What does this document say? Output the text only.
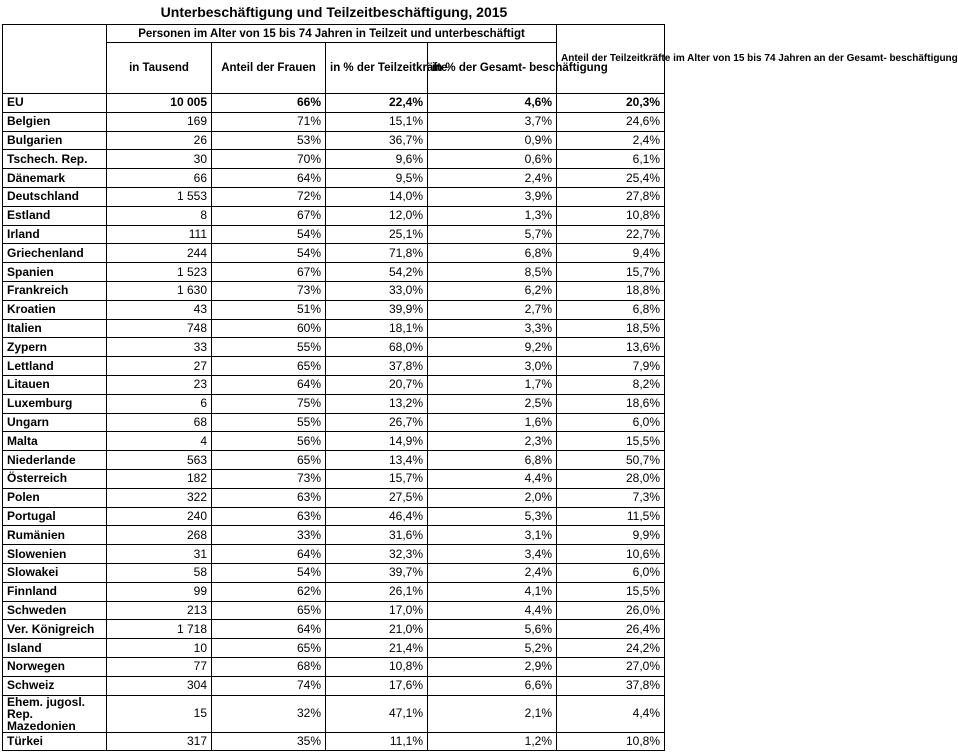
Unterbeschäftigung und Teilzeitbeschäftigung, 2015
	Personen im Alter von 15 bis 74 Jahren in Teilzeit und unterbeschäftigt				Anteil der Teilzeitkräfte im Alter von 15 bis 74 Jahren an der Gesamt- beschäftigung
	in Tausend	Anteil der Frauen	in % der Teilzeitkräfte	in % der Gesamt- beschäftigung	
EU	10 005	66%	22,4%	4,6%	20,3%
Belgien	169	71%	15,1%	3,7%	24,6%
Bulgarien	26	53%	36,7%	0,9%	2,4%
Tschech. Rep.	30	70%	9,6%	0,6%	6,1%
Dänemark	66	64%	9,5%	2,4%	25,4%
Deutschland	1 553	72%	14,0%	3,9%	27,8%
Estland	8	67%	12,0%	1,3%	10,8%
Irland	111	54%	25,1%	5,7%	22,7%
Griechenland	244	54%	71,8%	6,8%	9,4%
Spanien	1 523	67%	54,2%	8,5%	15,7%
Frankreich	1 630	73%	33,0%	6,2%	18,8%
Kroatien	43	51%	39,9%	2,7%	6,8%
Italien	748	60%	18,1%	3,3%	18,5%
Zypern	33	55%	68,0%	9,2%	13,6%
Lettland	27	65%	37,8%	3,0%	7,9%
Litauen	23	64%	20,7%	1,7%	8,2%
Luxemburg	6	75%	13,2%	2,5%	18,6%
Ungarn	68	55%	26,7%	1,6%	6,0%
Malta	4	56%	14,9%	2,3%	15,5%
Niederlande	563	65%	13,4%	6,8%	50,7%
Österreich	182	73%	15,7%	4,4%	28,0%
Polen	322	63%	27,5%	2,0%	7,3%
Portugal	240	63%	46,4%	5,3%	11,5%
Rumänien	268	33%	31,6%	3,1%	9,9%
Slowenien	31	64%	32,3%	3,4%	10,6%
Slowakei	58	54%	39,7%	2,4%	6,0%
Finnland	99	62%	26,1%	4,1%	15,5%
Schweden	213	65%	17,0%	4,4%	26,0%
Ver. Königreich	1 718	64%	21,0%	5,6%	26,4%
Island	10	65%	21,4%	5,2%	24,2%
Norwegen	77	68%	10,8%	2,9%	27,0%
Schweiz	304	74%	17,6%	6,6%	37,8%
Ehem. jugosl. Rep. Mazedonien	15	32%	47,1%	2,1%	4,4%
Türkei	317	35%	11,1%	1,2%	10,8%
